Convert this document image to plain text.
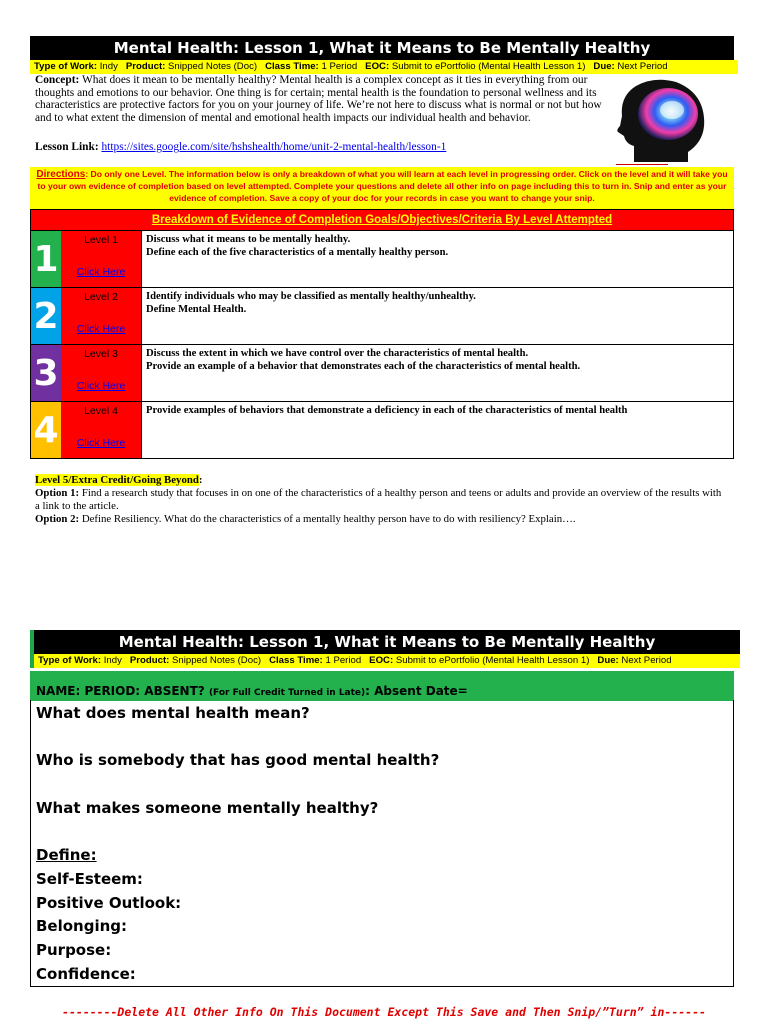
Mental Health: Lesson 1, What it Means to Be Mentally Healthy
Type of Work: Indy Product: Snipped Notes (Doc) Class Time: 1 Period EOC: Submit to ePortfolio (Mental Health Lesson 1) Due: Next Period
Concept: What does it mean to be mentally healthy? Mental health is a complex concept as it ties in everything from our thoughts and emotions to our behavior. One thing is for certain; mental health is the foundation to personal wellness and its characteristics are protective factors for you on your journey of life. We’re not here to discuss what is normal or not but how and to what extent the dimension of mental and emotional health impacts our individual health and behavior.
Lesson Link: https://sites.google.com/site/hshshealth/home/unit-2-mental-health/lesson-1
Directions: Do only one Level. The information below is only a breakdown of what you will learn at each level in progressing order. Click on the level and it will take you to your own evidence of completion based on level attempted. Complete your questions and delete all other info on page including this to turn in. Snip and enter as your evidence of completion. Save a copy of your doc for your records in case you want to change your snip.
Breakdown of Evidence of Completion Goals/Objectives/Criteria By Level Attempted
1	Level 1
Click Here
Discuss what it means to be mentally healthy.
Define each of the five characteristics of a mentally healthy person.
2	Level 2
Click Here
Identify individuals who may be classified as mentally healthy/unhealthy.
Define Mental Health.
3	Level 3
Click Here
Discuss the extent in which we have control over the characteristics of mental health.
Provide an example of a behavior that demonstrates each of the characteristics of mental health.
4	Level 4
Click Here
Provide examples of behaviors that demonstrate a deficiency in each of the characteristics of mental health
Level 5/Extra Credit/Going Beyond:
Option 1: Find a research study that focuses in on one of the characteristics of a healthy person and teens or adults and provide an overview of the results with a link to the article.
Option 2: Define Resiliency. What do the characteristics of a mentally healthy person have to do with resiliency? Explain….
Mental Health: Lesson 1, What it Means to Be Mentally Healthy
Type of Work: Indy Product: Snipped Notes (Doc) Class Time: 1 Period EOC: Submit to ePortfolio (Mental Health Lesson 1) Due: Next Period
NAME: PERIOD: ABSENT? (For Full Credit Turned in Late): Absent Date=
What does mental health mean?
Who is somebody that has good mental health?
What makes someone mentally healthy?
Define:
Self-Esteem:
Positive Outlook:
Belonging:
Purpose:
Confidence:
--------Delete All Other Info On This Document Except This Save and Then Snip/”Turn” in------
